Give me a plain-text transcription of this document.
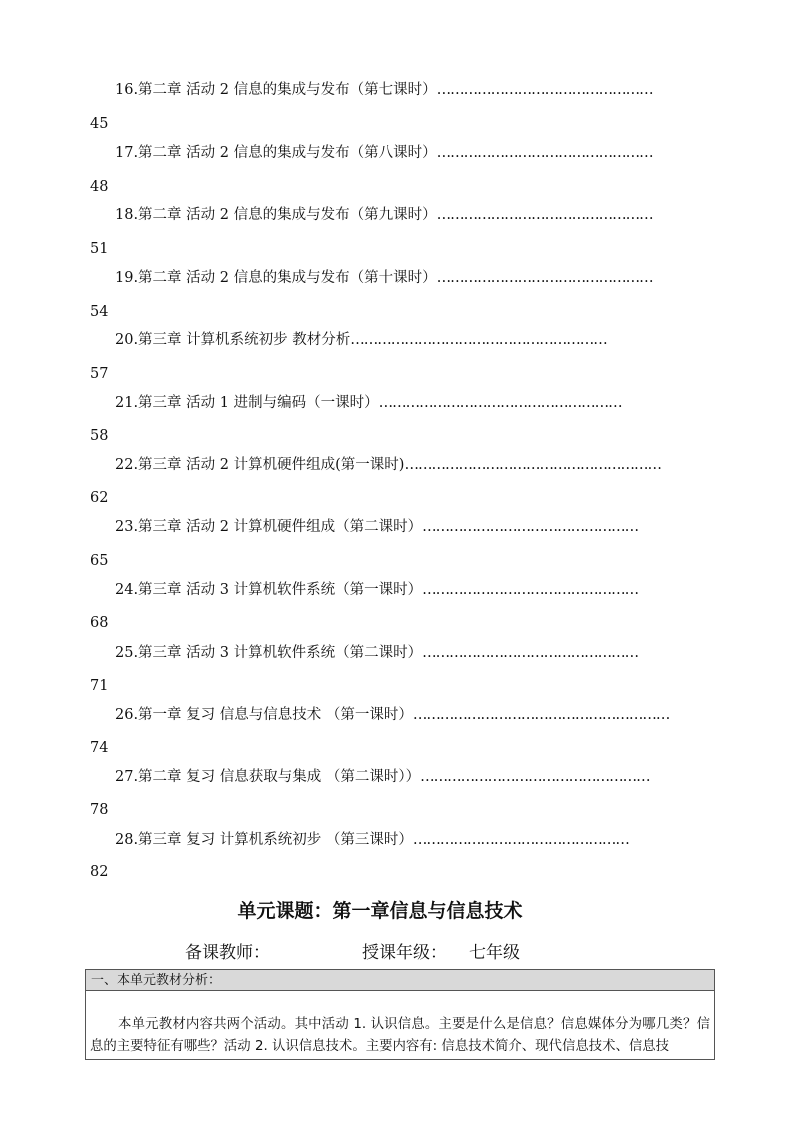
16.第二章 活动 2 信息的集成与发布（第七课时）…………………………………………
45
17.第二章 活动 2 信息的集成与发布（第八课时）…………………………………………
48
18.第二章 活动 2 信息的集成与发布（第九课时）…………………………………………
51
19.第二章 活动 2 信息的集成与发布（第十课时）…………………………………………
54
20.第三章 计算机系统初步 教材分析…………………………………………………
57
21.第三章 活动 1 进制与编码（一课时）………………………………………………
58
22.第三章 活动 2 计算机硬件组成(第一课时)…………………………………………………
62
23.第三章 活动 2 计算机硬件组成（第二课时）…………………………………………
65
24.第三章 活动 3 计算机软件系统（第一课时）…………………………………………
68
25.第三章 活动 3 计算机软件系统（第二课时）…………………………………………
71
26.第一章 复习 信息与信息技术 （第一课时）…………………………………………………
74
27.第二章 复习 信息获取与集成 （第二课时））……………………………………………
78
28.第三章 复习 计算机系统初步 （第三课时）…………………………………………
82
单元课题：第一章信息与信息技术
备课教师：	授课年级： 七年级
一、本单元教材分析：
本单元教材内容共两个活动。其中活动 1. 认识信息。主要是什么是信息？信息媒体分为哪几类？信息的主要特征有哪些？活动 2. 认识信息技术。主要内容有: 信息技术简介、现代信息技术、信息技
